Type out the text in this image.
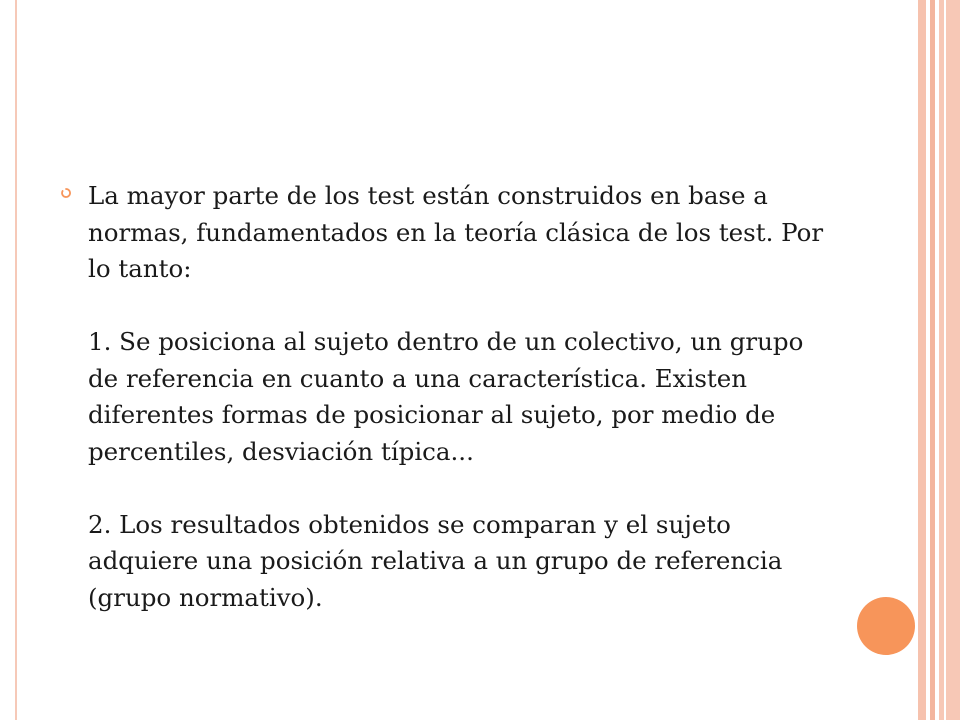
La mayor parte de los test están construidos en base a normas, fundamentados en la teoría clásica de los test. Por lo tanto:

1. Se posiciona al sujeto dentro de un colectivo, un grupo de referencia en cuanto a una característica. Existen diferentes formas de posicionar al sujeto, por medio de percentiles, desviación típica...

2. Los resultados obtenidos se comparan y el sujeto adquiere una posición relativa a un grupo de referencia (grupo normativo).
